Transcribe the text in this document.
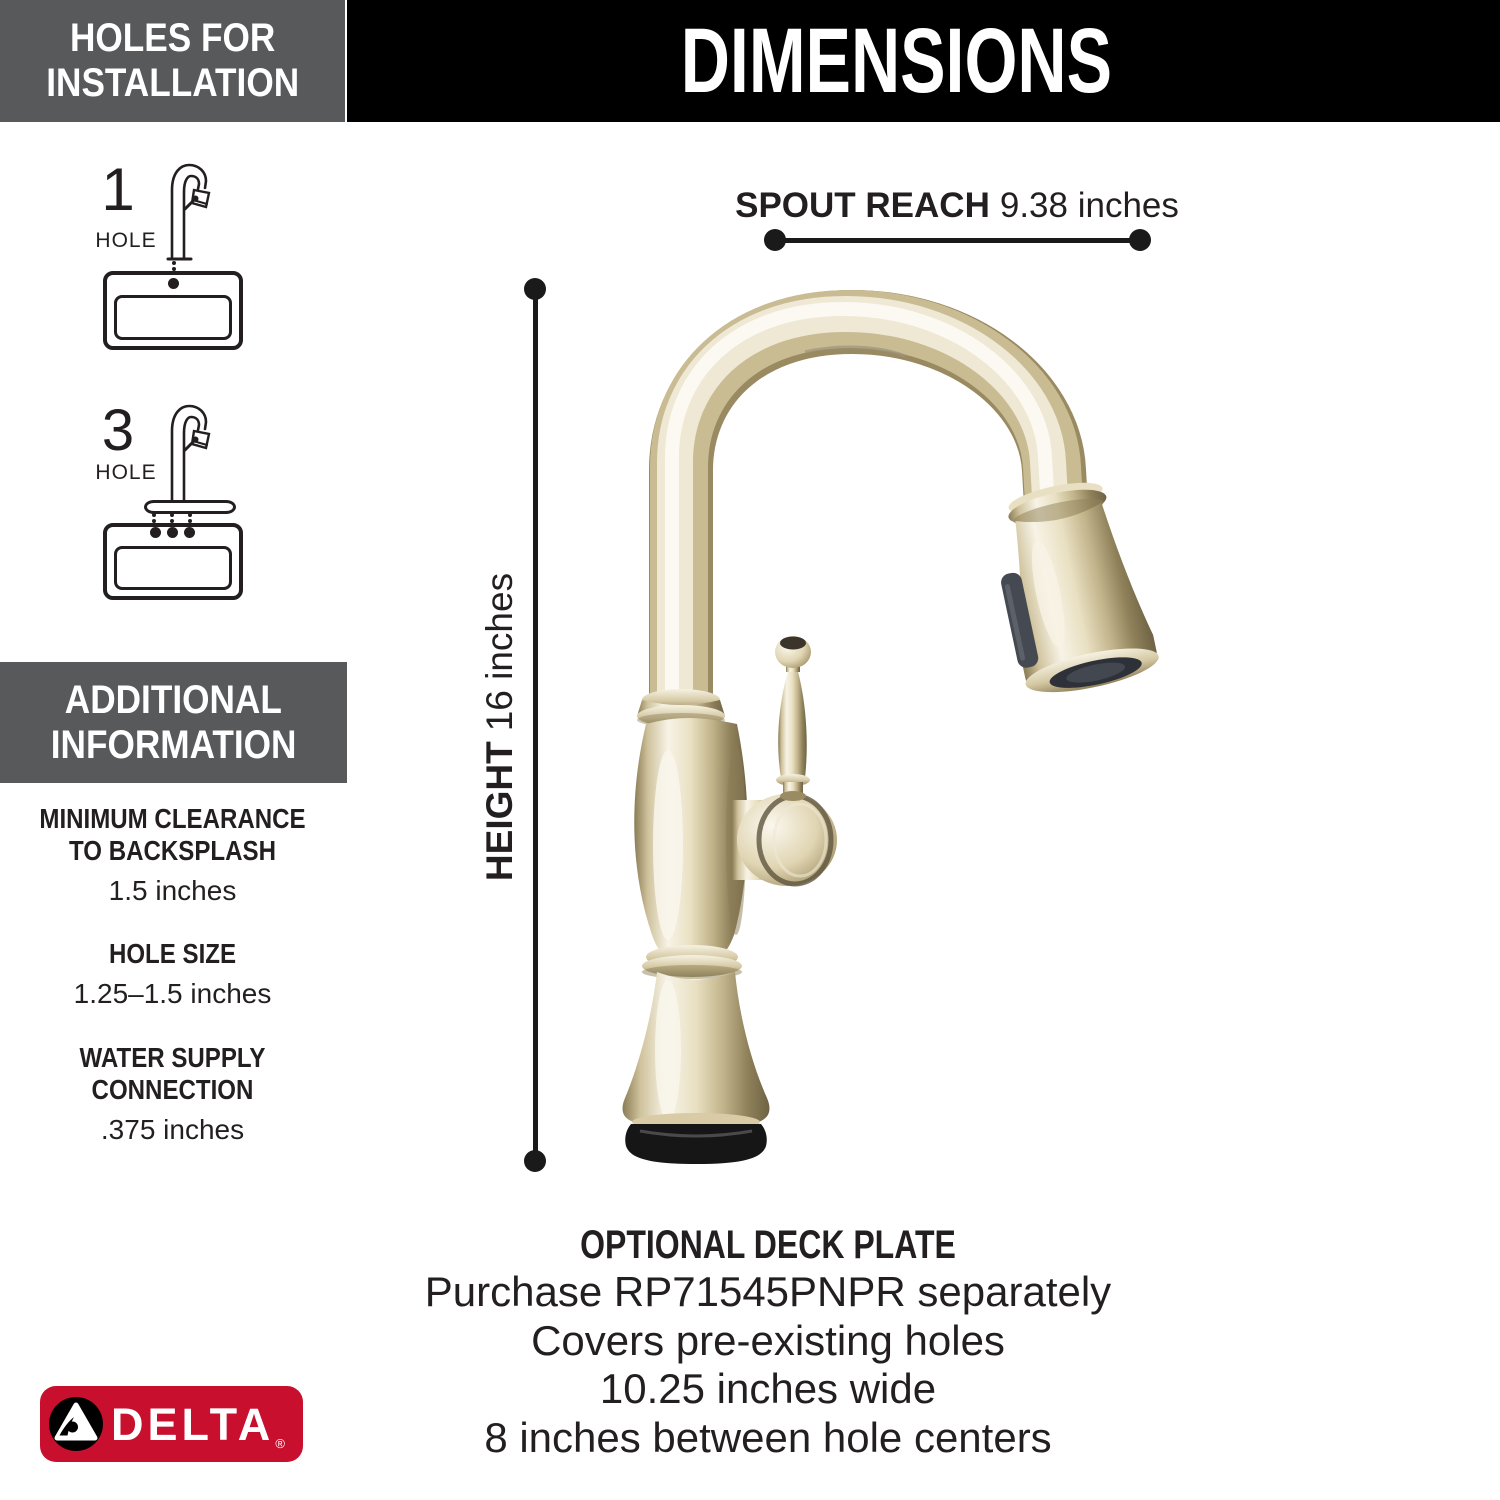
HOLES FOR
INSTALLATION	DIMENSIONS
1
HOLE
3
HOLE
ADDITIONAL
INFORMATION
MINIMUM CLEARANCE
TO BACKSPLASH
1.5 inches
HOLE SIZE
1.25–1.5 inches
WATER SUPPLY
CONNECTION
.375 inches
SPOUT REACH 9.38 inches
HEIGHT16 inches
OPTIONAL DECK PLATE
Purchase RP71545PNPR separately
Covers pre-existing holes
10.25 inches wide
8 inches between hole centers
DELTA ®
